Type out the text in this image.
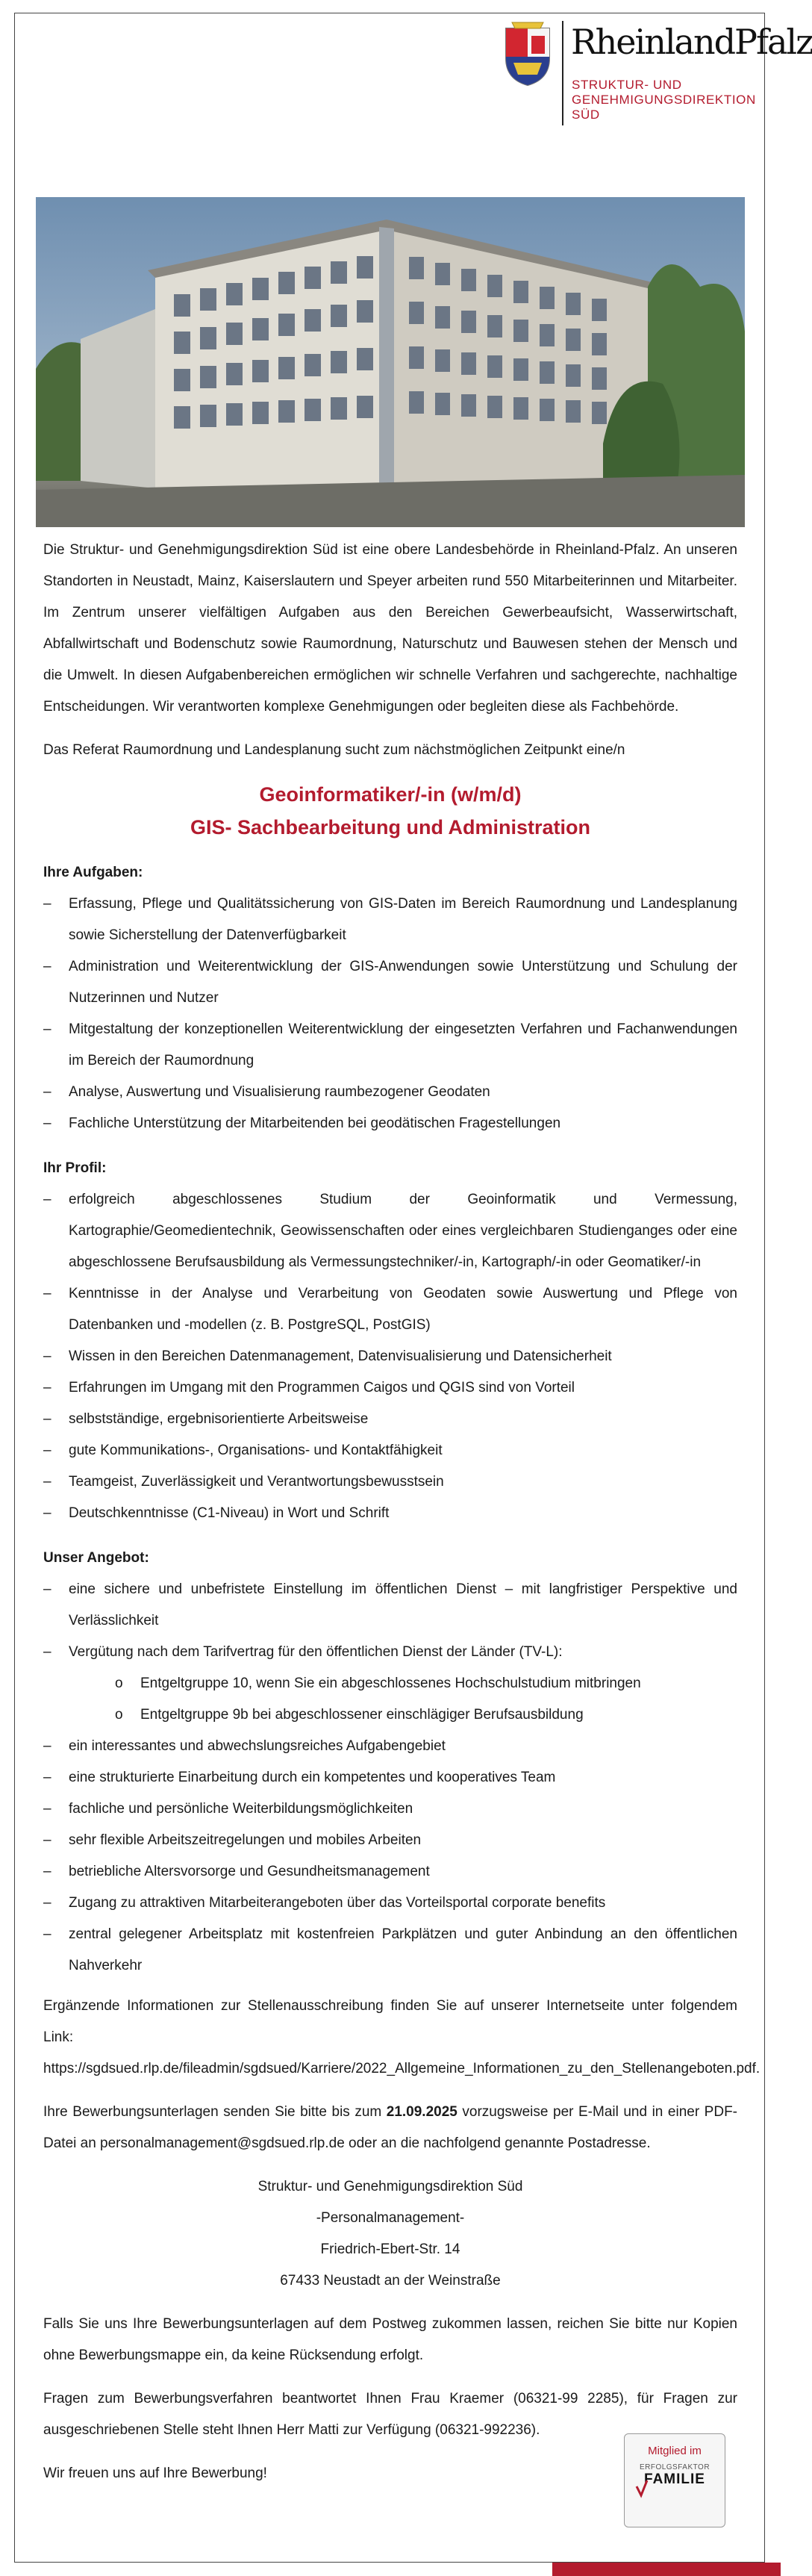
RheinlandPfalz
STRUKTUR- UND
GENEHMIGUNGSDIREKTION
SÜD

Die Struktur- und Genehmigungsdirektion Süd ist eine obere Landesbehörde in Rheinland-Pfalz. An unseren Standorten in Neustadt, Mainz, Kaiserslautern und Speyer arbeiten rund 550 Mitarbeiterinnen und Mitarbeiter. Im Zentrum unserer vielfältigen Aufgaben aus den Bereichen Gewerbeaufsicht, Wasserwirtschaft, Abfallwirtschaft und Bodenschutz sowie Raumordnung, Naturschutz und Bauwesen stehen der Mensch und die Umwelt. In diesen Aufgabenbereichen ermöglichen wir schnelle Verfahren und sachgerechte, nachhaltige Entscheidungen. Wir verantworten komplexe Genehmigungen oder begleiten diese als Fachbehörde.

Das Referat Raumordnung und Landesplanung sucht zum nächstmöglichen Zeitpunkt eine/n

Geoinformatiker/-in (w/m/d)
GIS- Sachbearbeitung und Administration
Ihre Aufgaben:
– Erfassung, Pflege und Qualitätssicherung von GIS-Daten im Bereich Raumordnung und Landesplanung sowie Sicherstellung der Datenverfügbarkeit
– Administration und Weiterentwicklung der GIS-Anwendungen sowie Unterstützung und Schulung der Nutzerinnen und Nutzer
– Mitgestaltung der konzeptionellen Weiterentwicklung der eingesetzten Verfahren und Fachanwendungen im Bereich der Raumordnung
– Analyse, Auswertung und Visualisierung raumbezogener Geodaten
– Fachliche Unterstützung der Mitarbeitenden bei geodätischen Fragestellungen
Ihr Profil:
– erfolgreich abgeschlossenes Studium der Geoinformatik und Vermessung, Kartographie/Geomedientechnik, Geowissenschaften oder eines vergleichbaren Studienganges oder eine abgeschlossene Berufsausbildung als Vermessungstechniker/-in, Kartograph/-in oder Geomatiker/-in
– Kenntnisse in der Analyse und Verarbeitung von Geodaten sowie Auswertung und Pflege von Datenbanken und -modellen (z. B. PostgreSQL, PostGIS)
– Wissen in den Bereichen Datenmanagement, Datenvisualisierung und Datensicherheit
– Erfahrungen im Umgang mit den Programmen Caigos und QGIS sind von Vorteil
– selbstständige, ergebnisorientierte Arbeitsweise
– gute Kommunikations-, Organisations- und Kontaktfähigkeit
– Teamgeist, Zuverlässigkeit und Verantwortungsbewusstsein
– Deutschkenntnisse (C1-Niveau) in Wort und Schrift
Unser Angebot:
– eine sichere und unbefristete Einstellung im öffentlichen Dienst – mit langfristiger Perspektive und Verlässlichkeit
– Vergütung nach dem Tarifvertrag für den öffentlichen Dienst der Länder (TV-L):
o Entgeltgruppe 10, wenn Sie ein abgeschlossenes Hochschulstudium mitbringen
o Entgeltgruppe 9b bei abgeschlossener einschlägiger Berufsausbildung
– ein interessantes und abwechslungsreiches Aufgabengebiet
– eine strukturierte Einarbeitung durch ein kompetentes und kooperatives Team
– fachliche und persönliche Weiterbildungsmöglichkeiten
– sehr flexible Arbeitszeitregelungen und mobiles Arbeiten
– betriebliche Altersvorsorge und Gesundheitsmanagement
– Zugang zu attraktiven Mitarbeiterangeboten über das Vorteilsportal corporate benefits
– zentral gelegener Arbeitsplatz mit kostenfreien Parkplätzen und guter Anbindung an den öffentlichen Nahverkehr

Ergänzende Informationen zur Stellenausschreibung finden Sie auf unserer Internetseite unter folgendem Link: https://sgdsued.rlp.de/fileadmin/sgdsued/Karriere/2022_Allgemeine_Informationen_zu_den_Stellenangeboten.pdf.

Ihre Bewerbungsunterlagen senden Sie bitte bis zum 21.09.2025 vorzugsweise per E-Mail und in einer PDF-Datei an personalmanagement@sgdsued.rlp.de oder an die nachfolgend genannte Postadresse.

Struktur- und Genehmigungsdirektion Süd
-Personalmanagement-
Friedrich-Ebert-Str. 14
67433 Neustadt an der Weinstraße

Falls Sie uns Ihre Bewerbungsunterlagen auf dem Postweg zukommen lassen, reichen Sie bitte nur Kopien ohne Bewerbungsmappe ein, da keine Rücksendung erfolgt.

Fragen zum Bewerbungsverfahren beantwortet Ihnen Frau Kraemer (06321-99 2285), für Fragen zur ausgeschriebenen Stelle steht Ihnen Herr Matti zur Verfügung (06321-992236).

Wir freuen uns auf Ihre Bewerbung!

Mitglied im
ERFOLGSFAKTOR
FAMILIE
